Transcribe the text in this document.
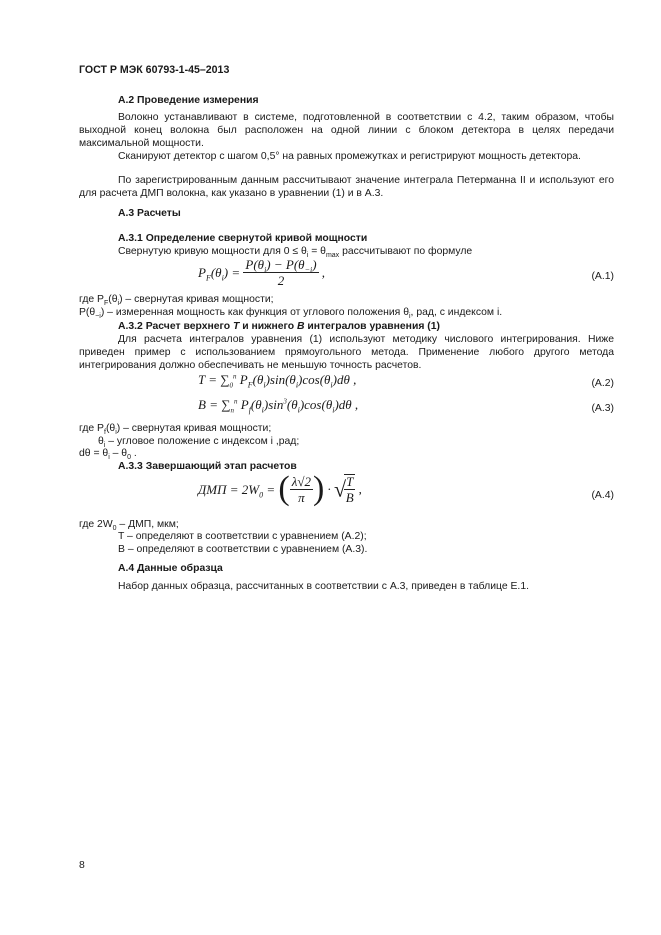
ГОСТ Р МЭК 60793-1-45–2013
А.2 Проведение измерения
Волокно устанавливают в системе, подготовленной в соответствии с 4.2, таким образом, чтобы выходной конец волокна был расположен на одной линии с блоком детектора в целях передачи максимальной мощности.
Сканируют детектор с шагом 0,5° на равных промежутках и регистрируют мощность детектора.
По зарегистрированным данным рассчитывают значение интеграла Петерманна II и используют его для расчета ДМП волокна, как указано в уравнении (1) и в А.3.
А.3 Расчеты
А.3.1 Определение свернутой кривой мощности
Свернутую кривую мощности для $0 \le \theta_i = \theta_{max}$ рассчитывают по формуле
$P_F(\theta_i) = \frac{P(\theta_i) - P(\theta_{-i})}{2}$ ,	(А.1)
где $P_F(\theta_i)$ – свернутая кривая мощности;
$P(\theta_{-i})$ – измеренная мощность как функция от углового положения $\theta_i$, рад, с индексом i.
А.3.2 Расчет верхнего T и нижнего B интегралов уравнения (1)
Для расчета интегралов уравнения (1) используют методику числового интегрирования. Ниже приведен пример с использованием прямоугольного метода. Применение любого другого метода интегрирования должно обеспечивать не меньшую точность расчетов.
$T = \sum_0^n$ $P_F(\theta_i)\sin(\theta_i)\cos(\theta_i)d\theta$ ,	(А.2)
$B = \sum_n^n$ $P_f(\theta_i)\sin^3(\theta_i)\cos(\theta_i)d\theta$ ,	(А.3)
где $P_f(\theta_i)$ – свернутая кривая мощности;
$\theta_i$ – угловое положение с индексом i ,рад;
$d\theta = \theta_i - \theta_0$ .
А.3.3 Завершающий этап расчетов
ДМП = $2W_0$ = ( $\frac{\lambda√2}{\pi}$ ) · √
$\frac{T}{B}$ ,	(А.4)
где $2W_0$ – ДМП, мкм;
T – определяют в соответствии с уравнением (А.2);
B – определяют в соответствии с уравнением (А.3).
А.4 Данные образца
Набор данных образца, рассчитанных в соответствии с А.3, приведен в таблице Е.1.
8
